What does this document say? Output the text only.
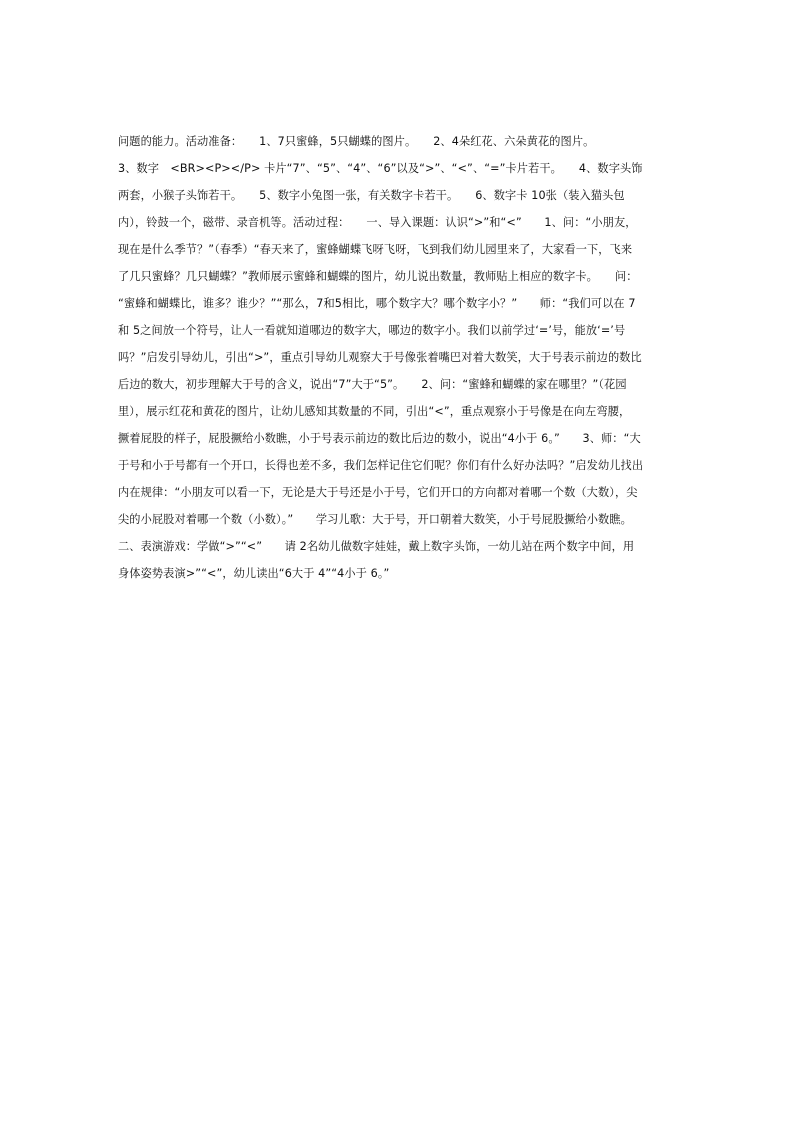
问题的能力。活动准备：　　1、7只蜜蜂，5只蝴蝶的图片。　　2、4朵红花、六朵黄花的图片。
3、数字　<BR><P></P> 卡片“7”、“5”、“4”、“6”以及“>”、“<”、“=”卡片若干。　　4、数字头饰
两套，小猴子头饰若干。　　5、数字小兔图一张，有关数字卡若干。　　6、数字卡 10张（装入猫头包
内），铃鼓一个，磁带、录音机等。活动过程：　　一、导入课题：认识“>”和“<”　　1、问：“小朋友，
现在是什么季节？”（春季）“春天来了，蜜蜂蝴蝶飞呀飞呀，飞到我们幼儿园里来了，大家看一下，飞来
了几只蜜蜂？几只蝴蝶？”教师展示蜜蜂和蝴蝶的图片，幼儿说出数量，教师贴上相应的数字卡。　　问：
“蜜蜂和蝴蝶比，谁多？谁少？”“那么，7和5相比，哪个数字大？哪个数字小？”　　师：“我们可以在 7
和 5之间放一个符号，让人一看就知道哪边的数字大，哪边的数字小。我们以前学过‘=’号，能放‘=’号
吗？”启发引导幼儿，引出“>”，重点引导幼儿观察大于号像张着嘴巴对着大数笑，大于号表示前边的数比
后边的数大，初步理解大于号的含义，说出“7”大于“5”。　　2、问：“蜜蜂和蝴蝶的家在哪里？”（花园
里），展示红花和黄花的图片，让幼儿感知其数量的不同，引出“<”，重点观察小于号像是在向左弯腰，
撅着屁股的样子，屁股撅给小数瞧，小于号表示前边的数比后边的数小，说出“4小于 6。”　　3、师：“大
于号和小于号都有一个开口，长得也差不多，我们怎样记住它们呢？你们有什么好办法吗？”启发幼儿找出
内在规律：“小朋友可以看一下，无论是大于号还是小于号，它们开口的方向都对着哪一个数（大数），尖
尖的小屁股对着哪一个数（小数）。”　　学习儿歌：大于号，开口朝着大数笑，小于号屁股撅给小数瞧。
二、表演游戏：学做“>”“<”　　请 2名幼儿做数字娃娃，戴上数字头饰，一幼儿站在两个数字中间，用
身体姿势表演>”“<”，幼儿读出“6大于 4”“4小于 6。”
